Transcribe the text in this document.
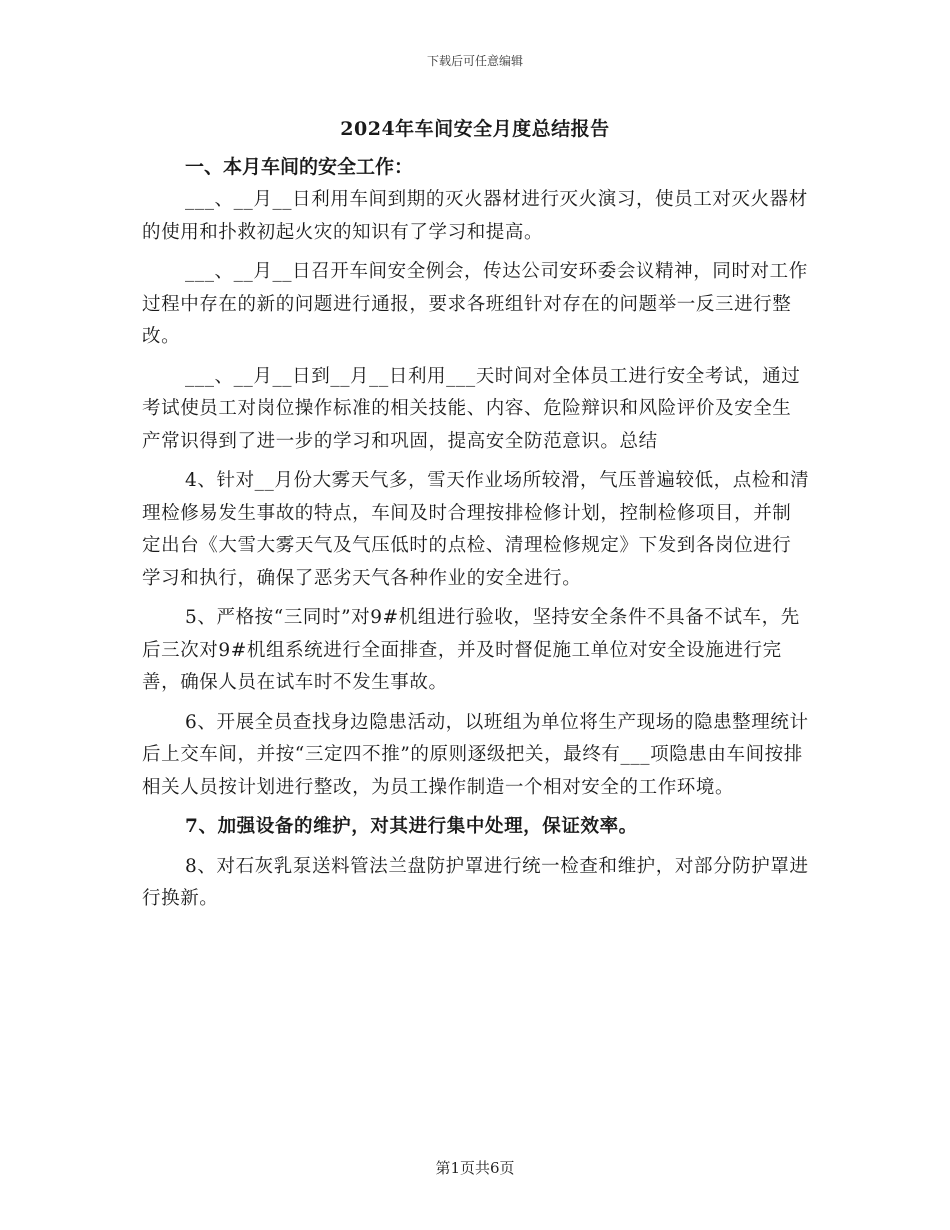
下载后可任意编辑
2024年车间安全月度总结报告
一、本月车间的安全工作：

___、__月__日利用车间到期的灭火器材进行灭火演习，使员工对灭火器材的使用和扑救初起火灾的知识有了学习和提高。

___、__月__日召开车间安全例会，传达公司安环委会议精神，同时对工作过程中存在的新的问题进行通报，要求各班组针对存在的问题举一反三进行整改。

___、__月__日到__月__日利用___天时间对全体员工进行安全考试，通过考试使员工对岗位操作标准的相关技能、内容、危险辩识和风险评价及安全生产常识得到了进一步的学习和巩固，提高安全防范意识。总结

4、针对__月份大雾天气多，雪天作业场所较滑，气压普遍较低，点检和清理检修易发生事故的特点，车间及时合理按排检修计划，控制检修项目，并制定出台《大雪大雾天气及气压低时的点检、清理检修规定》下发到各岗位进行学习和执行，确保了恶劣天气各种作业的安全进行。

5、严格按“三同时”对9#机组进行验收，坚持安全条件不具备不试车，先后三次对9#机组系统进行全面排查，并及时督促施工单位对安全设施进行完善，确保人员在试车时不发生事故。

6、开展全员查找身边隐患活动，以班组为单位将生产现场的隐患整理统计后上交车间，并按“三定四不推”的原则逐级把关，最终有___项隐患由车间按排相关人员按计划进行整改，为员工操作制造一个相对安全的工作环境。

7、加强设备的维护，对其进行集中处理，保证效率。

8、对石灰乳泵送料管法兰盘防护罩进行统一检查和维护，对部分防护罩进行换新。

第1页共6页
